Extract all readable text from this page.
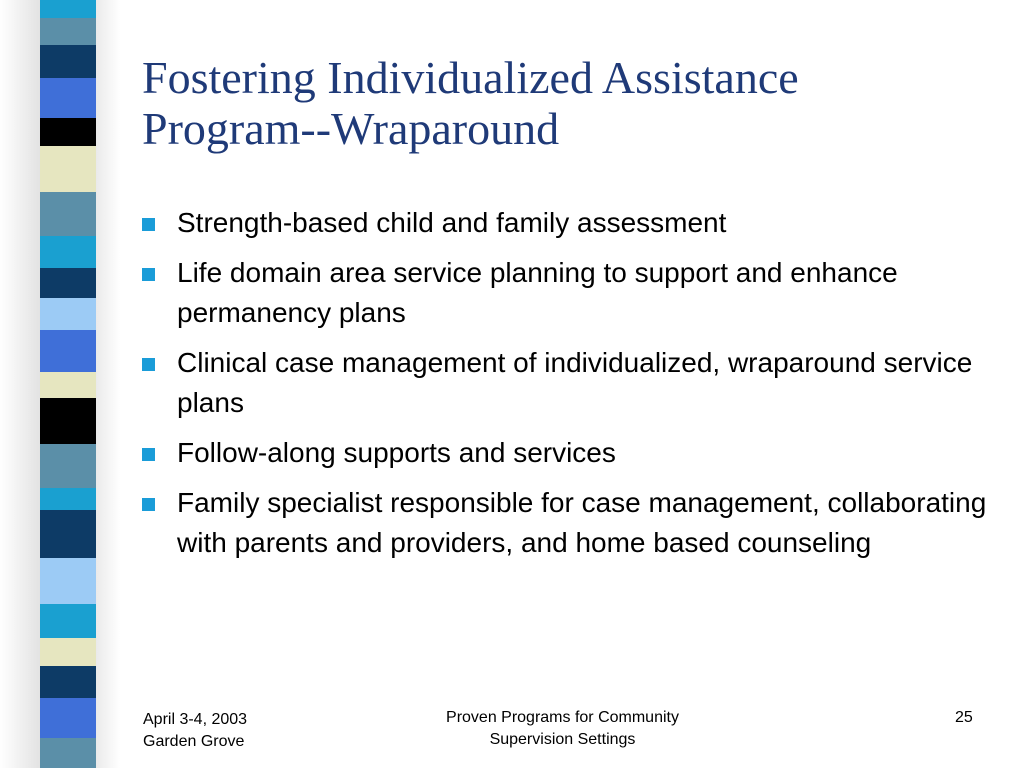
Fostering Individualized Assistance
Program--Wraparound
Strength-based child and family assessment
Life domain area service planning to support and enhance permanency plans
Clinical case management of individualized, wraparound service plans
Follow-along supports and services
Family specialist responsible for case management, collaborating with parents and providers, and home based counseling
April 3-4, 2003
Garden Grove
Proven Programs for Community
Supervision Settings
25
